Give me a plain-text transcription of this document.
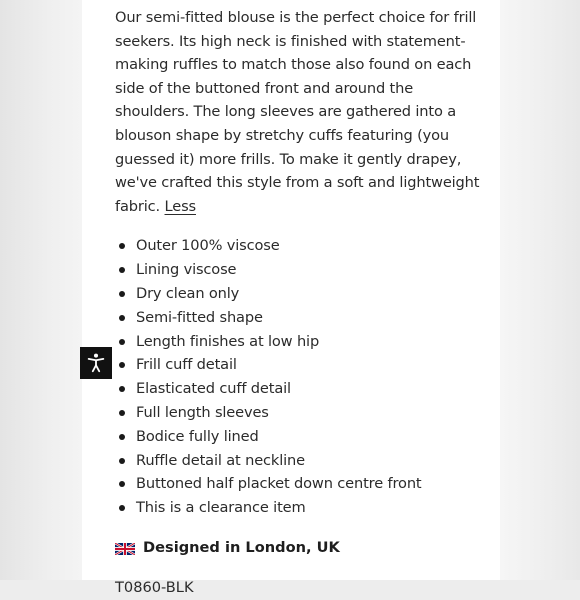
Our semi-fitted blouse is the perfect choice for frill seekers. Its high neck is finished with statement-making ruffles to match those also found on each side of the buttoned front and around the shoulders. The long sleeves are gathered into a blouson shape by stretchy cuffs featuring (you guessed it) more frills. To make it gently drapey, we've crafted this style from a soft and lightweight fabric. Less

Outer 100% viscose
Lining viscose
Dry clean only
Semi-fitted shape
Length finishes at low hip
Frill cuff detail
Elasticated cuff detail
Full length sleeves
Bodice fully lined
Ruffle detail at neckline
Buttoned half placket down centre front
This is a clearance item
Designed in London, UK
T0860-BLK
